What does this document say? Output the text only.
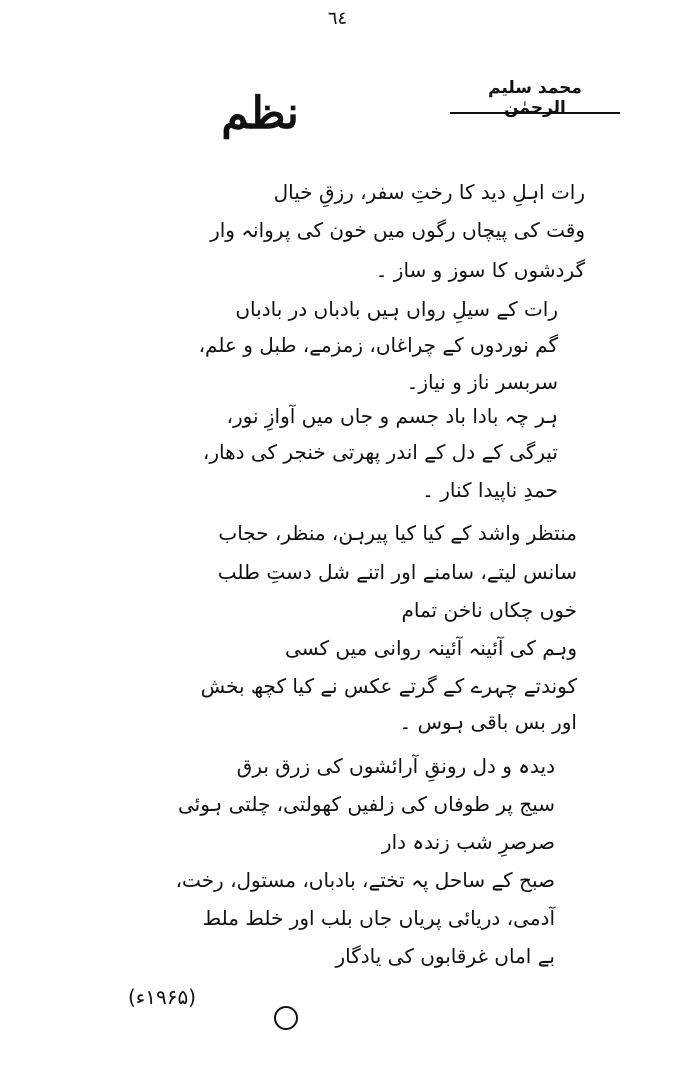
٦٤
محمد سلیم الرحمٰن
نظم
رات اہلِ دید کا رختِ سفر، رزقِ خیال
وقت کی پیچاں رگوں میں خون کی پروانہ وار
گردشوں کا سوز و ساز ۔
رات کے سیلِ رواں ہیں بادباں در بادباں
گم نوردوں کے چراغاں، زمزمے، طبل و علم،
سربسر ناز و نیاز۔
ہر چہ بادا باد جسم و جاں میں آوازِ نور،
تیرگی کے دل کے اندر پھرتی خنجر کی دھار،
حمدِ ناپیدا کنار ۔
منتظر واشد کے کیا کیا پیرہن، منظر، حجاب
سانس لیتے، سامنے اور اتنے شل دستِ طلب
خوں چکاں ناخن تمام
وہم کی آئینہ آئینہ روانی میں کسی
کوندتے چہرے کے گرتے عکس نے کیا کچھ بخش
اور بس باقی ہوس ۔
دیدہ و دل رونقِ آرائشوں کی زرق برق
سیج پر طوفاں کی زلفیں کھولتی، چلتی ہوئی
صرصرِ شب زندہ دار
صبح کے ساحل پہ تختے، بادباں، مستول، رخت،
آدمی، دریائی پریاں جاں بلب اور خلط ملط
بے اماں غرقابوں کی یادگار
(۱۹۶۵ء)
